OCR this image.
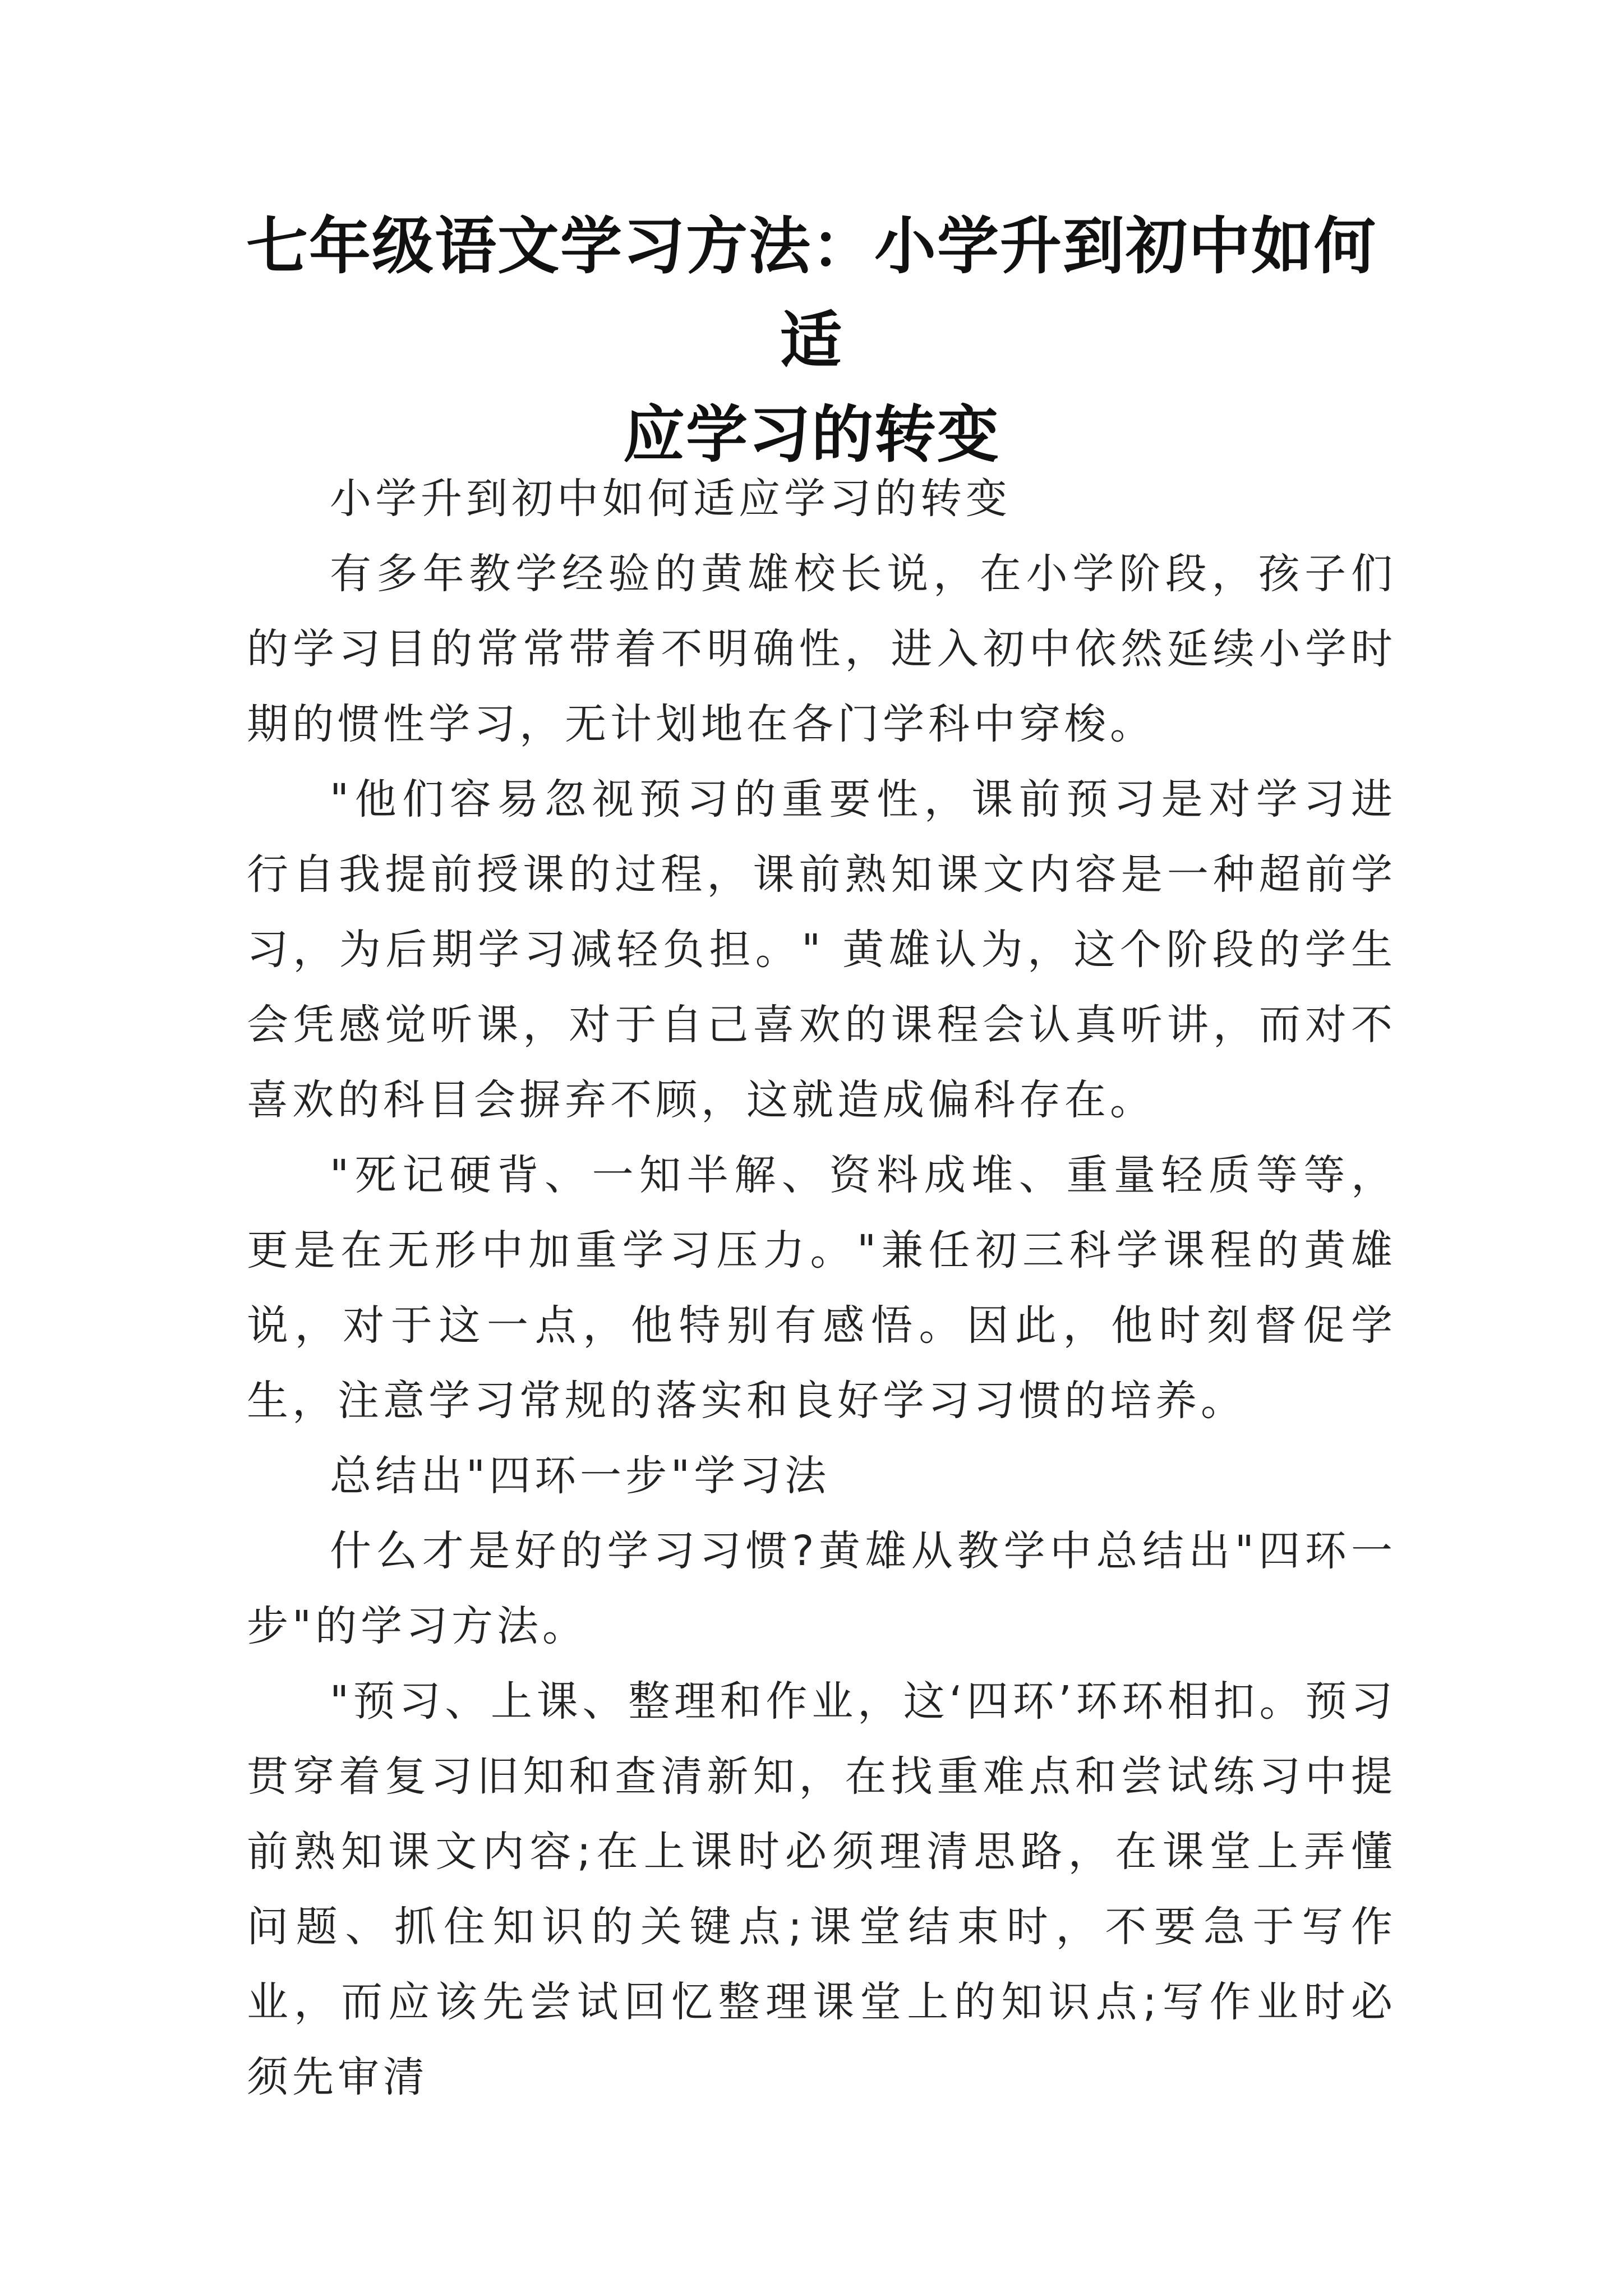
七年级语文学习方法：小学升到初中如何适
应学习的转变

小学升到初中如何适应学习的转变

有多年教学经验的黄雄校长说，在小学阶段，孩子们的学习目的常常带着不明确性，进入初中依然延续小学时期的惯性学习，无计划地在各门学科中穿梭。

"他们容易忽视预习的重要性，课前预习是对学习进行自我提前授课的过程，课前熟知课文内容是一种超前学习，为后期学习减轻负担。" 黄雄认为，这个阶段的学生会凭感觉听课，对于自己喜欢的课程会认真听讲，而对不喜欢的科目会摒弃不顾，这就造成偏科存在。

"死记硬背、一知半解、资料成堆、重量轻质等等，更是在无形中加重学习压力。"兼任初三科学课程的黄雄说，对于这一点，他特别有感悟。因此，他时刻督促学生，注意学习常规的落实和良好学习习惯的培养。

总结出"四环一步"学习法

什么才是好的学习习惯?黄雄从教学中总结出"四环一步"的学习方法。

"预习、上课、整理和作业，这‘四环’环环相扣。预习贯穿着复习旧知和查清新知，在找重难点和尝试练习中提前熟知课文内容;在上课时必须理清思路，在课堂上弄懂问题、抓住知识的关键点;课堂结束时，不要急于写作业，而应该先尝试回忆整理课堂上的知识点;写作业时必须先审清
